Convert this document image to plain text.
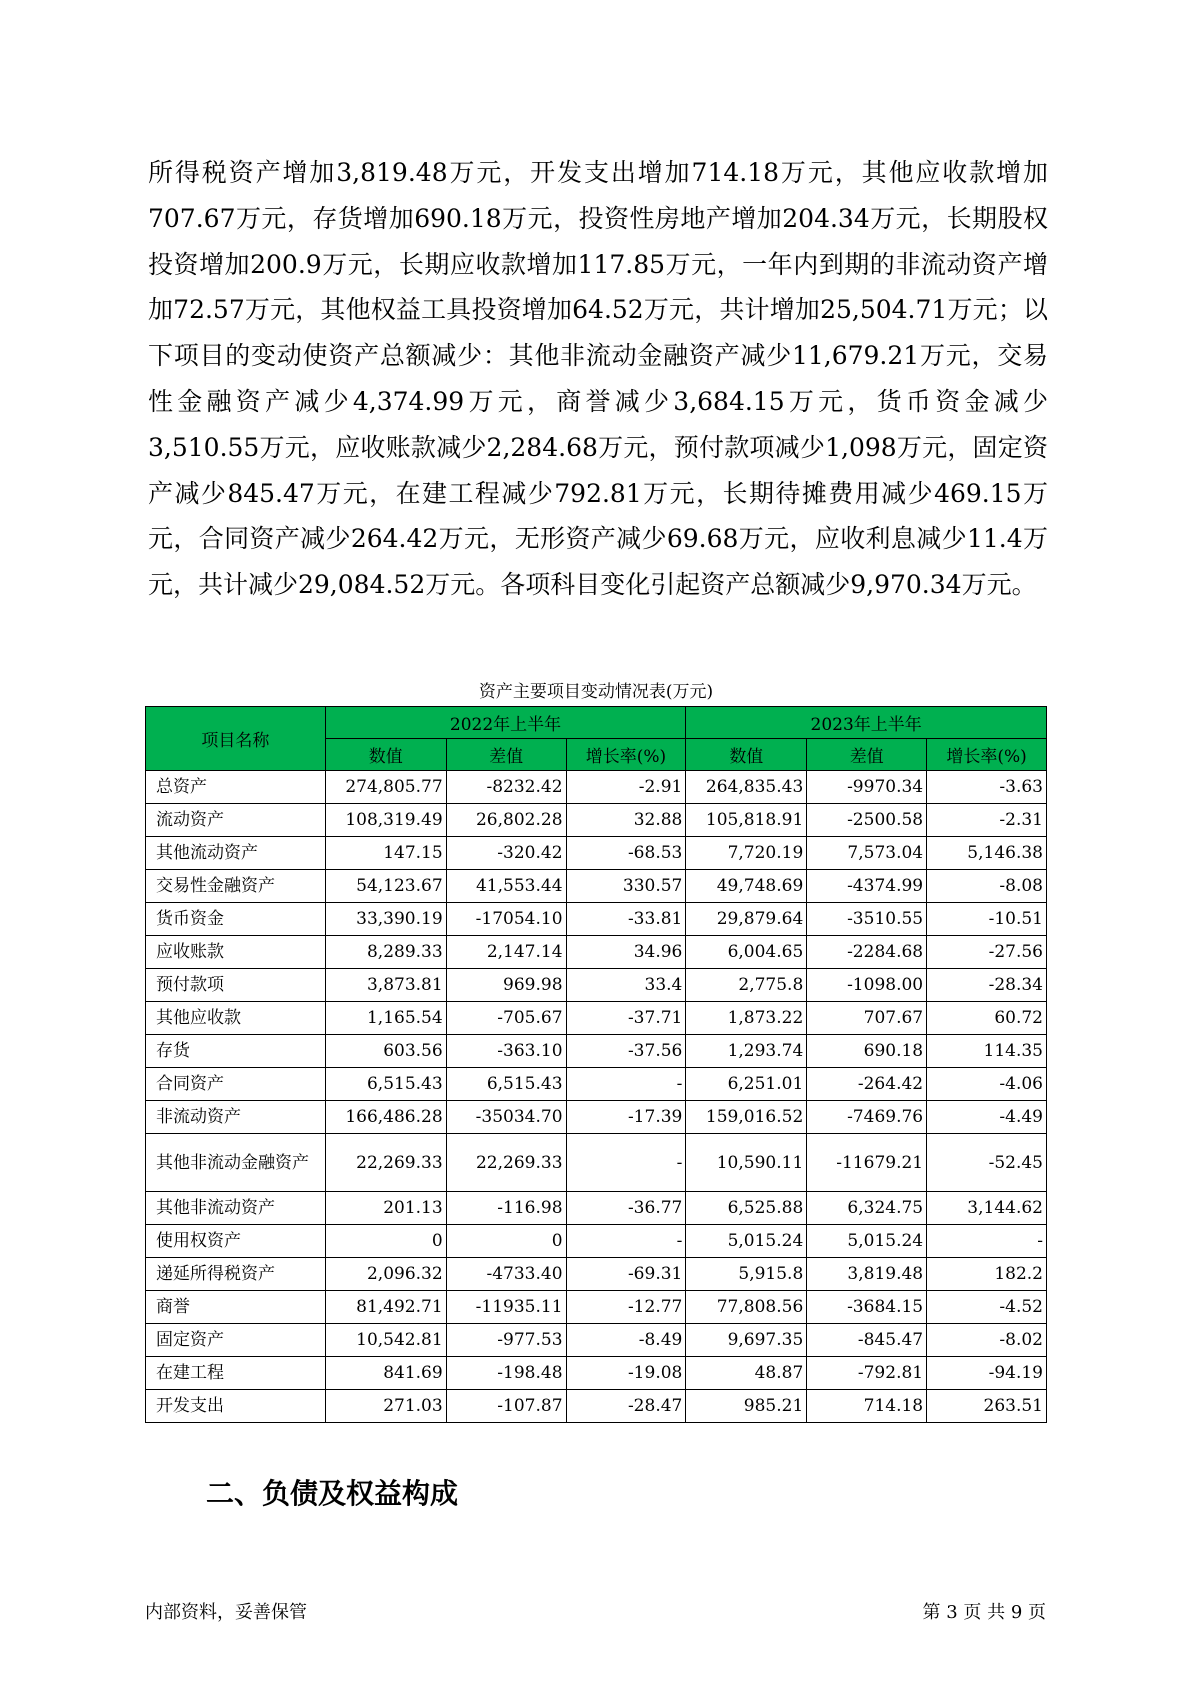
所得税资产增加3,819.48万元，开发支出增加714.18万元，其他应收款增加707.67万元，存货增加690.18万元，投资性房地产增加204.34万元，长期股权投资增加200.9万元，长期应收款增加117.85万元，一年内到期的非流动资产增加72.57万元，其他权益工具投资增加64.52万元，共计增加25,504.71万元；以下项目的变动使资产总额减少：其他非流动金融资产减少11,679.21万元，交易性金融资产减少4,374.99万元，商誉减少3,684.15万元，货币资金减少3,510.55万元，应收账款减少2,284.68万元，预付款项减少1,098万元，固定资产减少845.47万元，在建工程减少792.81万元，长期待摊费用减少469.15万元，合同资产减少264.42万元，无形资产减少69.68万元，应收利息减少11.4万元，共计减少29,084.52万元。各项科目变化引起资产总额减少9,970.34万元。

资产主要项目变动情况表(万元)
项目名称	2022年上半年			2023年上半年		
	数值	差值	增长率(%)	数值	差值	增长率(%)
总资产	274,805.77	-8232.42	-2.91	264,835.43	-9970.34	-3.63
流动资产	108,319.49	26,802.28	32.88	105,818.91	-2500.58	-2.31
其他流动资产	147.15	-320.42	-68.53	7,720.19	7,573.04	5,146.38
交易性金融资产	54,123.67	41,553.44	330.57	49,748.69	-4374.99	-8.08
货币资金	33,390.19	-17054.10	-33.81	29,879.64	-3510.55	-10.51
应收账款	8,289.33	2,147.14	34.96	6,004.65	-2284.68	-27.56
预付款项	3,873.81	969.98	33.4	2,775.8	-1098.00	-28.34
其他应收款	1,165.54	-705.67	-37.71	1,873.22	707.67	60.72
存货	603.56	-363.10	-37.56	1,293.74	690.18	114.35
合同资产	6,515.43	6,515.43	-	6,251.01	-264.42	-4.06
非流动资产	166,486.28	-35034.70	-17.39	159,016.52	-7469.76	-4.49
其他非流动金融资产	22,269.33	22,269.33	-	10,590.11	-11679.21	-52.45
其他非流动资产	201.13	-116.98	-36.77	6,525.88	6,324.75	3,144.62
使用权资产	0	0	-	5,015.24	5,015.24	-
递延所得税资产	2,096.32	-4733.40	-69.31	5,915.8	3,819.48	182.2
商誉	81,492.71	-11935.11	-12.77	77,808.56	-3684.15	-4.52
固定资产	10,542.81	-977.53	-8.49	9,697.35	-845.47	-8.02
在建工程	841.69	-198.48	-19.08	48.87	-792.81	-94.19
开发支出	271.03	-107.87	-28.47	985.21	714.18	263.51
二、负债及权益构成
内部资料，妥善保管	第 3 页 共 9 页
